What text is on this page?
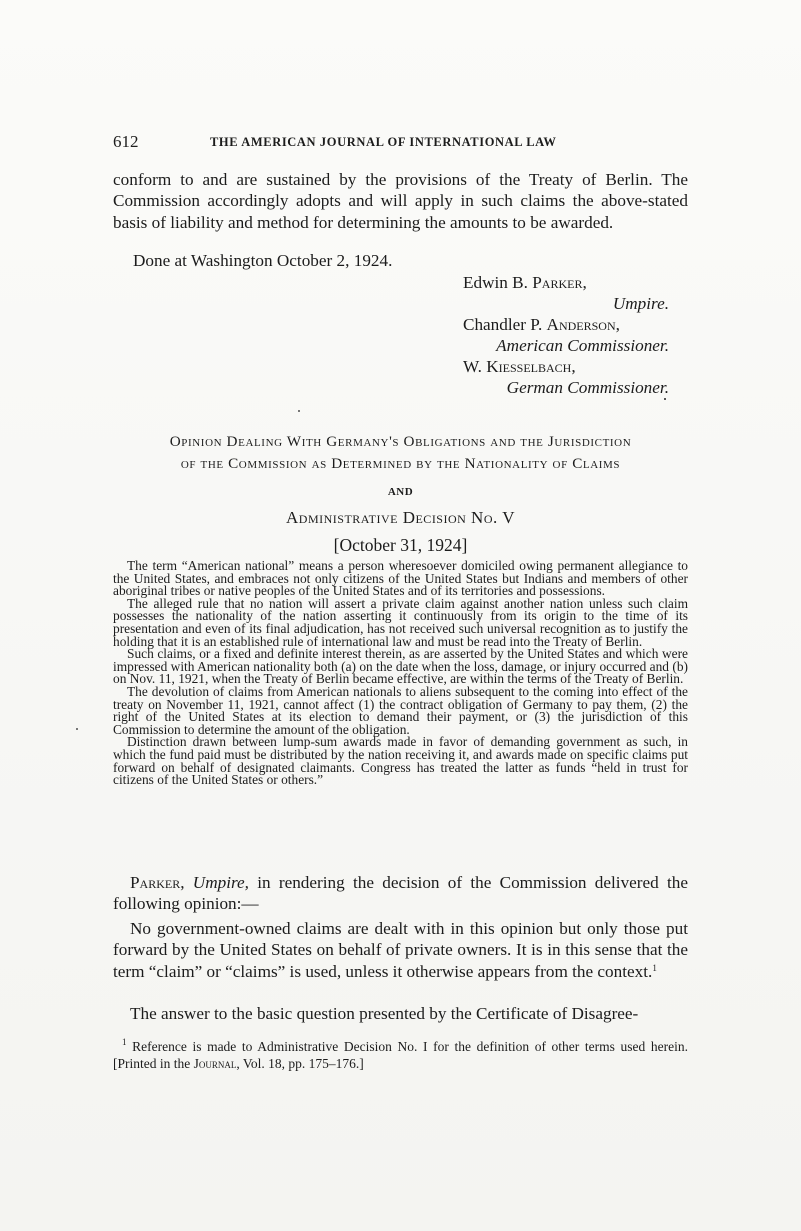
612	THE AMERICAN JOURNAL OF INTERNATIONAL LAW
conform to and are sustained by the provisions of the Treaty of Berlin. The Commission accordingly adopts and will apply in such claims the above-stated basis of liability and method for determining the amounts to be awarded.
Done at Washington October 2, 1924.
Edwin B. Parker,
Umpire.
Chandler P. Anderson,
American Commissioner.
W. Kiesselbach,
German Commissioner.
Opinion Dealing With Germany's Obligations and the Jurisdiction
of the Commission as Determined by the Nationality of Claims
AND
Administrative Decision No. V
[October 31, 1924]

The term “American national” means a person wheresoever domiciled owing permanent allegiance to the United States, and embraces not only citizens of the United States but Indians and members of other aboriginal tribes or native peoples of the United States and of its territories and possessions.

The alleged rule that no nation will assert a private claim against another nation unless such claim possesses the nationality of the nation asserting it continuously from its origin to the time of its presentation and even of its final adjudication, has not received such universal recognition as to justify the holding that it is an established rule of international law and must be read into the Treaty of Berlin.

Such claims, or a fixed and definite interest therein, as are asserted by the United States and which were impressed with American nationality both (a) on the date when the loss, damage, or injury occurred and (b) on Nov. 11, 1921, when the Treaty of Berlin became effective, are within the terms of the Treaty of Berlin.

The devolution of claims from American nationals to aliens subsequent to the coming into effect of the treaty on November 11, 1921, cannot affect (1) the contract obligation of Germany to pay them, (2) the right of the United States at its election to demand their payment, or (3) the jurisdiction of this Commission to determine the amount of the obligation.

Distinction drawn between lump-sum awards made in favor of demanding government as such, in which the fund paid must be distributed by the nation receiving it, and awards made on specific claims put forward on behalf of designated claimants. Congress has treated the latter as funds “held in trust for citizens of the United States or others.”

Parker, Umpire, in rendering the decision of the Commission delivered the following opinion:—

No government-owned claims are dealt with in this opinion but only those put forward by the United States on behalf of private owners. It is in this sense that the term “claim” or “claims” is used, unless it otherwise appears from the context.$^1$

The answer to the basic question presented by the Certificate of Disagree-

$^1$ Reference is made to Administrative Decision No. I for the definition of other terms used herein. [Printed in the Journal, Vol. 18, pp. 175–176.]
